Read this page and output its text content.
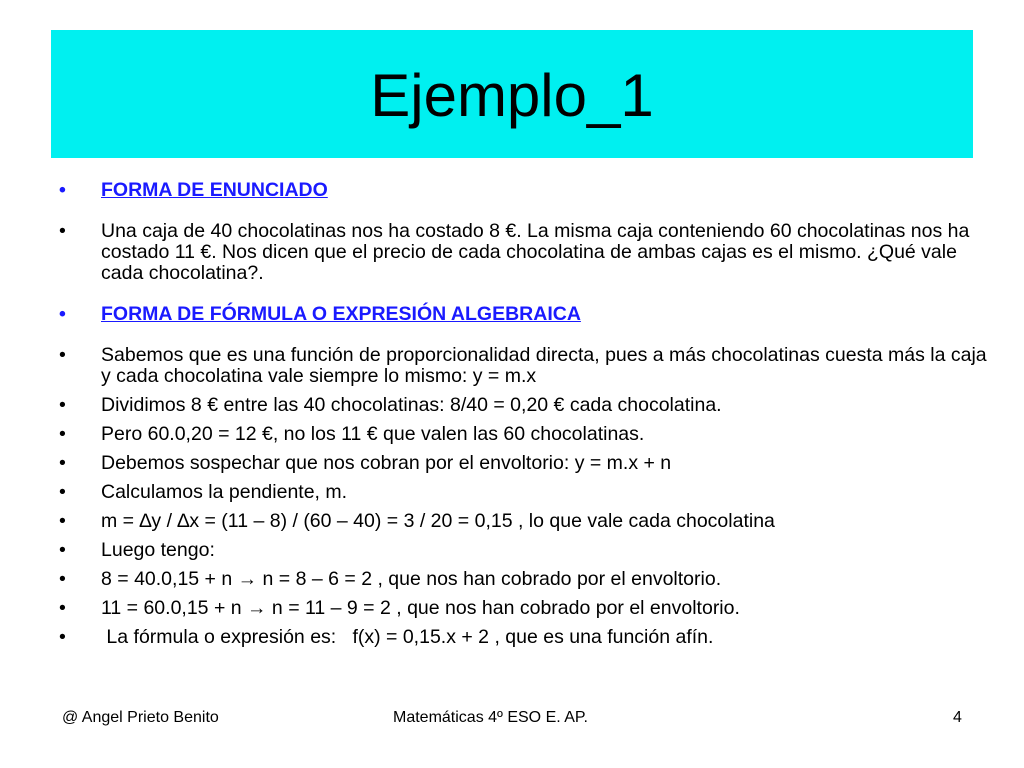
Ejemplo_1
• FORMA DE ENUNCIADO
• Una caja de 40 chocolatinas nos ha costado 8 €. La misma caja conteniendo 60 chocolatinas nos ha costado 11 €. Nos dicen que el precio de cada chocolatina de ambas cajas es el mismo. ¿Qué vale cada chocolatina?.
• FORMA DE FÓRMULA O EXPRESIÓN ALGEBRAICA
• Sabemos que es una función de proporcionalidad directa, pues a más chocolatinas cuesta más la caja y cada chocolatina vale siempre lo mismo: y = m.x
• Dividimos 8 € entre las 40 chocolatinas: 8/40 = 0,20 € cada chocolatina.
• Pero 60.0,20 = 12 €, no los 11 € que valen las 60 chocolatinas.
• Debemos sospechar que nos cobran por el envoltorio: y = m.x + n
• Calculamos la pendiente, m.
• m = ∆y / ∆x = (11 – 8) / (60 – 40) = 3 / 20 = 0,15 , lo que vale cada chocolatina
• Luego tengo:
• 8 = 40.0,15 + n → n = 8 – 6 = 2 , que nos han cobrado por el envoltorio.
• 11 = 60.0,15 + n → n = 11 – 9 = 2 , que nos han cobrado por el envoltorio.
•  La fórmula o expresión es:   f(x) = 0,15.x + 2 , que es una función afín.
@ Angel Prieto Benito	Matemáticas 4º ESO E. AP.	4
